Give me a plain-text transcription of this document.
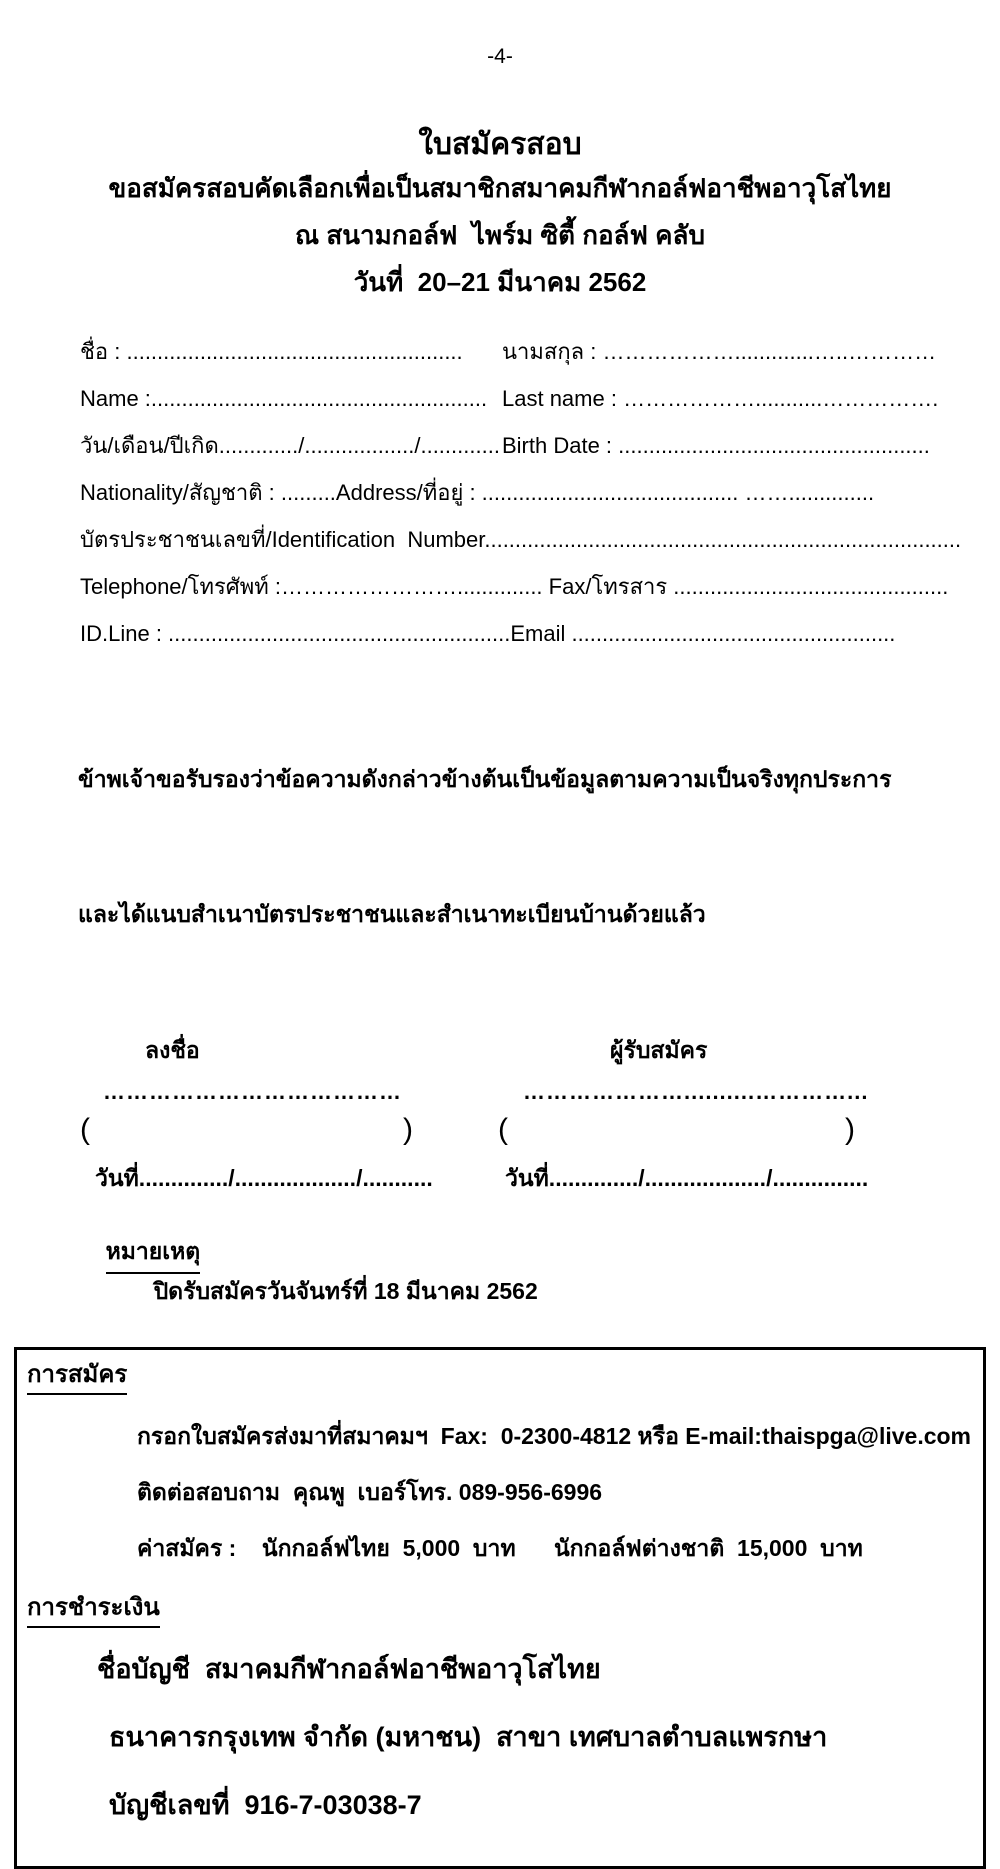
-4-
ใบสมัครสอบ
ขอสมัครสอบคัดเลือกเพื่อเป็นสมาชิกสมาคมกีฬากอล์ฟอาชีพอาวุโสไทย
ณ สนามกอล์ฟ  ไพร์ม ซิตี้ กอล์ฟ คลับ
วันที่  20–21 มีนาคม 2562
ชื่อ : .......................................................	นามสกุล : ……………….............…..…………
Name :....................................................... Last name : ………………...........…………….
วัน/เดือน/ปีเกิด............./................../............. Birth Date : ...................................................
Nationality/สัญชาติ : .........Address/ที่อยู่ : .......................................... ……..............
บัตรประชาชนเลขที่/Identification  Number..............................................................................
Telephone/โทรศัพท์ :…………………….............. Fax/โทรสาร .............................................
ID.Line : ........................................................Email .....................................................

ข้าพเจ้าขอรับรองว่าข้อความดังกล่าวข้างต้นเป็นข้อมูลตามความเป็นจริงทุกประการ

และได้แนบสำเนาบัตรประชาชนและสำเนาทะเบียนบ้านด้วยแล้ว

ลงชื่อ	ผู้รับสมัคร
…………………………………	…………………..........…………...
(	)	(	)
วันที่............../.................../...........	วันที่............../.................../...............

หมายเหตุ
ปิดรับสมัครวันจันทร์ที่ 18 มีนาคม 2562

การสมัคร
กรอกใบสมัครส่งมาที่สมาคมฯ  Fax:  0-2300-4812 หรือ E-mail:thaispga@live.com
ติดต่อสอบถาม  คุณพู  เบอร์โทร. 089-956-6996
ค่าสมัคร :    นักกอล์ฟไทย  5,000  บาท      นักกอล์ฟต่างชาติ  15,000  บาท
การชำระเงิน
ชื่อบัญชี  สมาคมกีฬากอล์ฟอาชีพอาวุโสไทย
ธนาคารกรุงเทพ จำกัด (มหาชน)  สาขา เทศบาลตำบลแพรกษา
บัญชีเลขที่  916-7-03038-7
